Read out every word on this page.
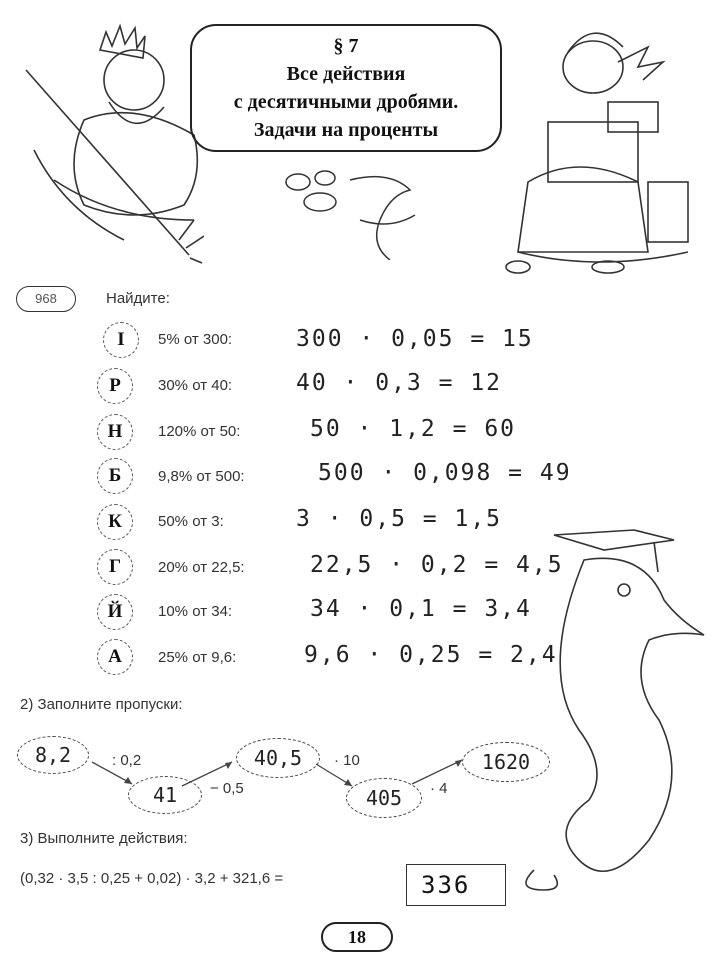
§ 7
Все действия
с десятичными дробями.
Задачи на проценты
968	Найдите:
I	5% от 300:	300 · 0,05 = 15
Р	30% от 40:	40 · 0,3 = 12
Н	120% от 50:	50 · 1,2 = 60
Б	9,8% от 500:	500 · 0,098 = 49
К	50% от 3:	3 · 0,5 = 1,5
Г	20% от 22,5:	22,5 · 0,2 = 4,5
Й	10% от 34:	34 · 0,1 = 3,4
А	25% от 9,6:	9,6 · 0,25 = 2,4
2) Заполните пропуски:
8,2	: 0,2
41	− 0,5
40,5	· 10
405	· 4
1620
3) Выполните действия:
(0,32 · 3,5 : 0,25 + 0,02) · 3,2 + 321,6 =	336
18
